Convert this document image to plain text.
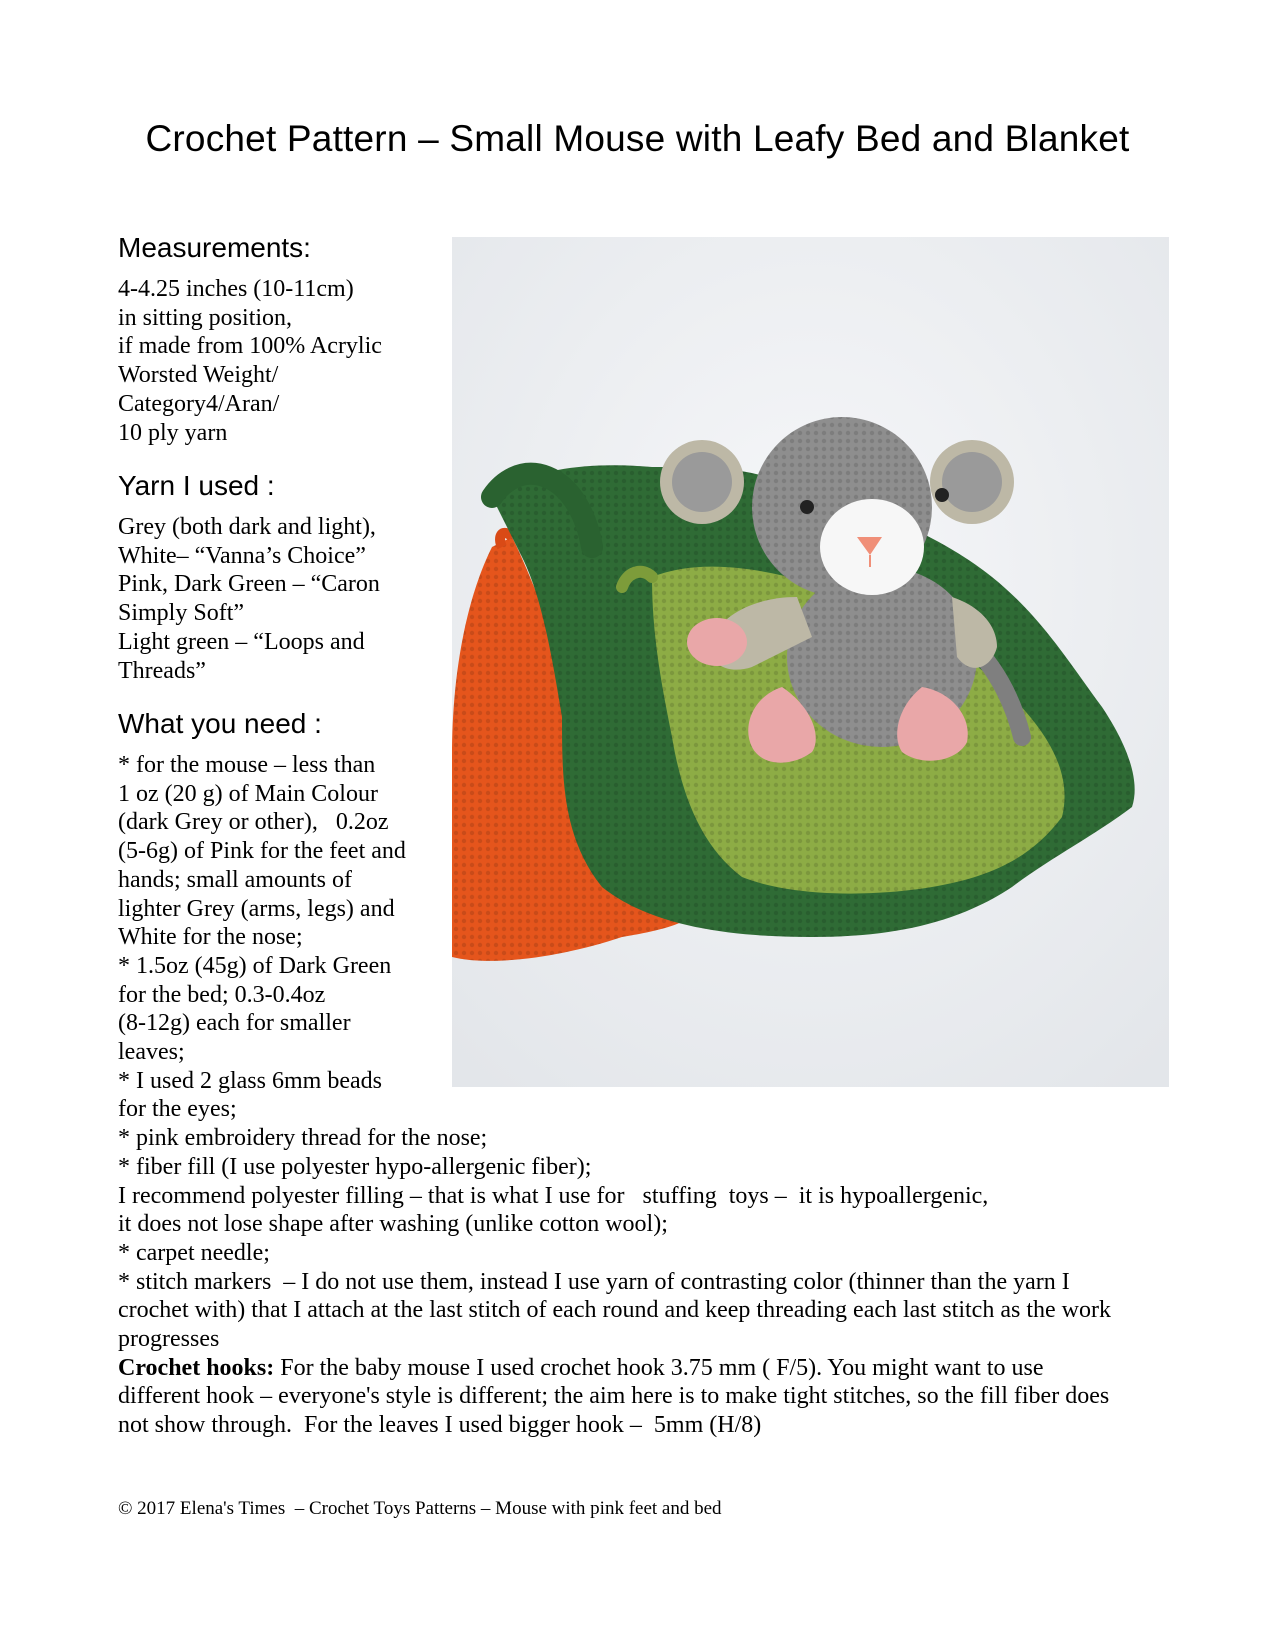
Crochet Pattern – Small Mouse with Leafy Bed and Blanket
Measurements:
4-4.25 inches (10-11cm)
in sitting position,
if made from 100% Acrylic
Worsted Weight/
Category4/Aran/
10 ply yarn
Yarn I used :
Grey (both dark and light),
White– “Vanna’s Choice”
Pink, Dark Green – “Caron
Simply Soft”
Light green – “Loops and
Threads”
What you need :
* for the mouse – less than
1 oz (20 g) of Main Colour
(dark Grey or other),   0.2oz
(5-6g) of Pink for the feet and
hands; small amounts of
lighter Grey (arms, legs) and
White for the nose;
* 1.5oz (45g) of Dark Green
for the bed; 0.3-0.4oz
(8-12g) each for smaller
leaves;
* I used 2 glass 6mm beads
for the eyes;
* pink embroidery thread for the nose;
* fiber fill (I use polyester hypo-allergenic fiber);
I recommend polyester filling – that is what I use for   stuffing  toys –  it is hypoallergenic,
it does not lose shape after washing (unlike cotton wool);
* carpet needle;
* stitch markers  – I do not use them, instead I use yarn of contrasting color (thinner than the yarn I
crochet with) that I attach at the last stitch of each round and keep threading each last stitch as the work
progresses
Crochet hooks: For the baby mouse I used crochet hook 3.75 mm ( F/5). You might want to use
different hook – everyone's style is different; the aim here is to make tight stitches, so the fill fiber does
not show through.  For the leaves I used bigger hook –  5mm (H/8)
© 2017 Elena's Times  – Crochet Toys Patterns – Mouse with pink feet and bed
